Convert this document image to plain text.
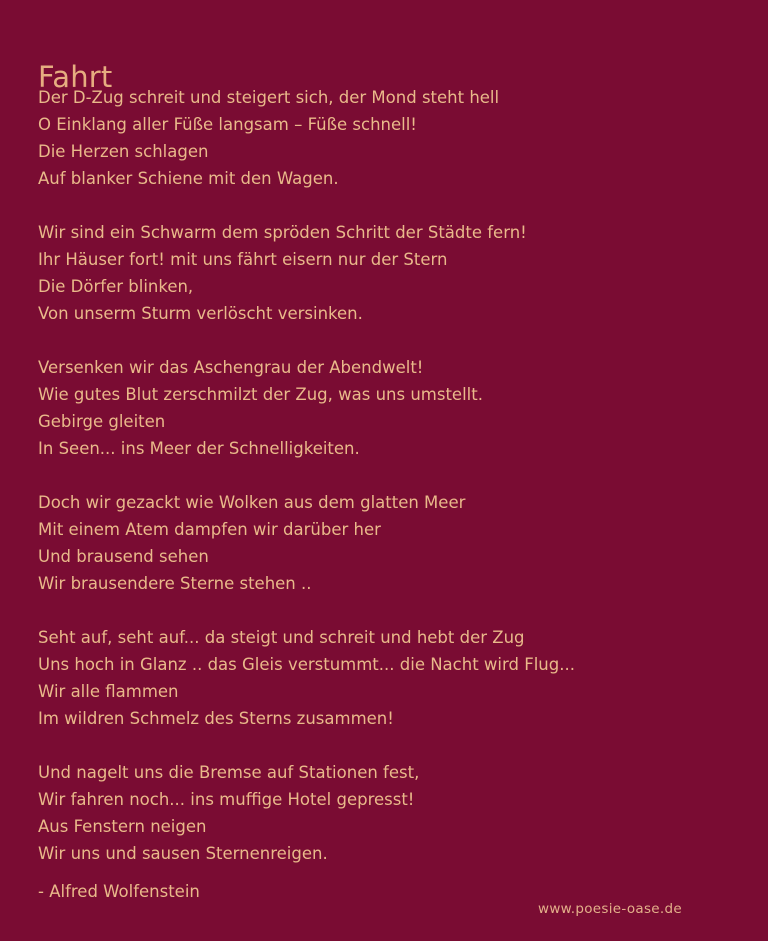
Fahrt
Der D-Zug schreit und steigert sich, der Mond steht hell
O Einklang aller Füße langsam – Füße schnell!
Die Herzen schlagen
Auf blanker Schiene mit den Wagen.
Wir sind ein Schwarm dem spröden Schritt der Städte fern!
Ihr Häuser fort! mit uns fährt eisern nur der Stern
Die Dörfer blinken,
Von unserm Sturm verlöscht versinken.
Versenken wir das Aschengrau der Abendwelt!
Wie gutes Blut zerschmilzt der Zug, was uns umstellt.
Gebirge gleiten
In Seen... ins Meer der Schnelligkeiten.
Doch wir gezackt wie Wolken aus dem glatten Meer
Mit einem Atem dampfen wir darüber her
Und brausend sehen
Wir brausendere Sterne stehen ..
Seht auf, seht auf... da steigt und schreit und hebt der Zug
Uns hoch in Glanz .. das Gleis verstummt... die Nacht wird Flug...
Wir alle flammen
Im wildren Schmelz des Sterns zusammen!
Und nagelt uns die Bremse auf Stationen fest,
Wir fahren noch... ins muffige Hotel gepresst!
Aus Fenstern neigen
Wir uns und sausen Sternenreigen.
- Alfred Wolfenstein
www.poesie-oase.de
